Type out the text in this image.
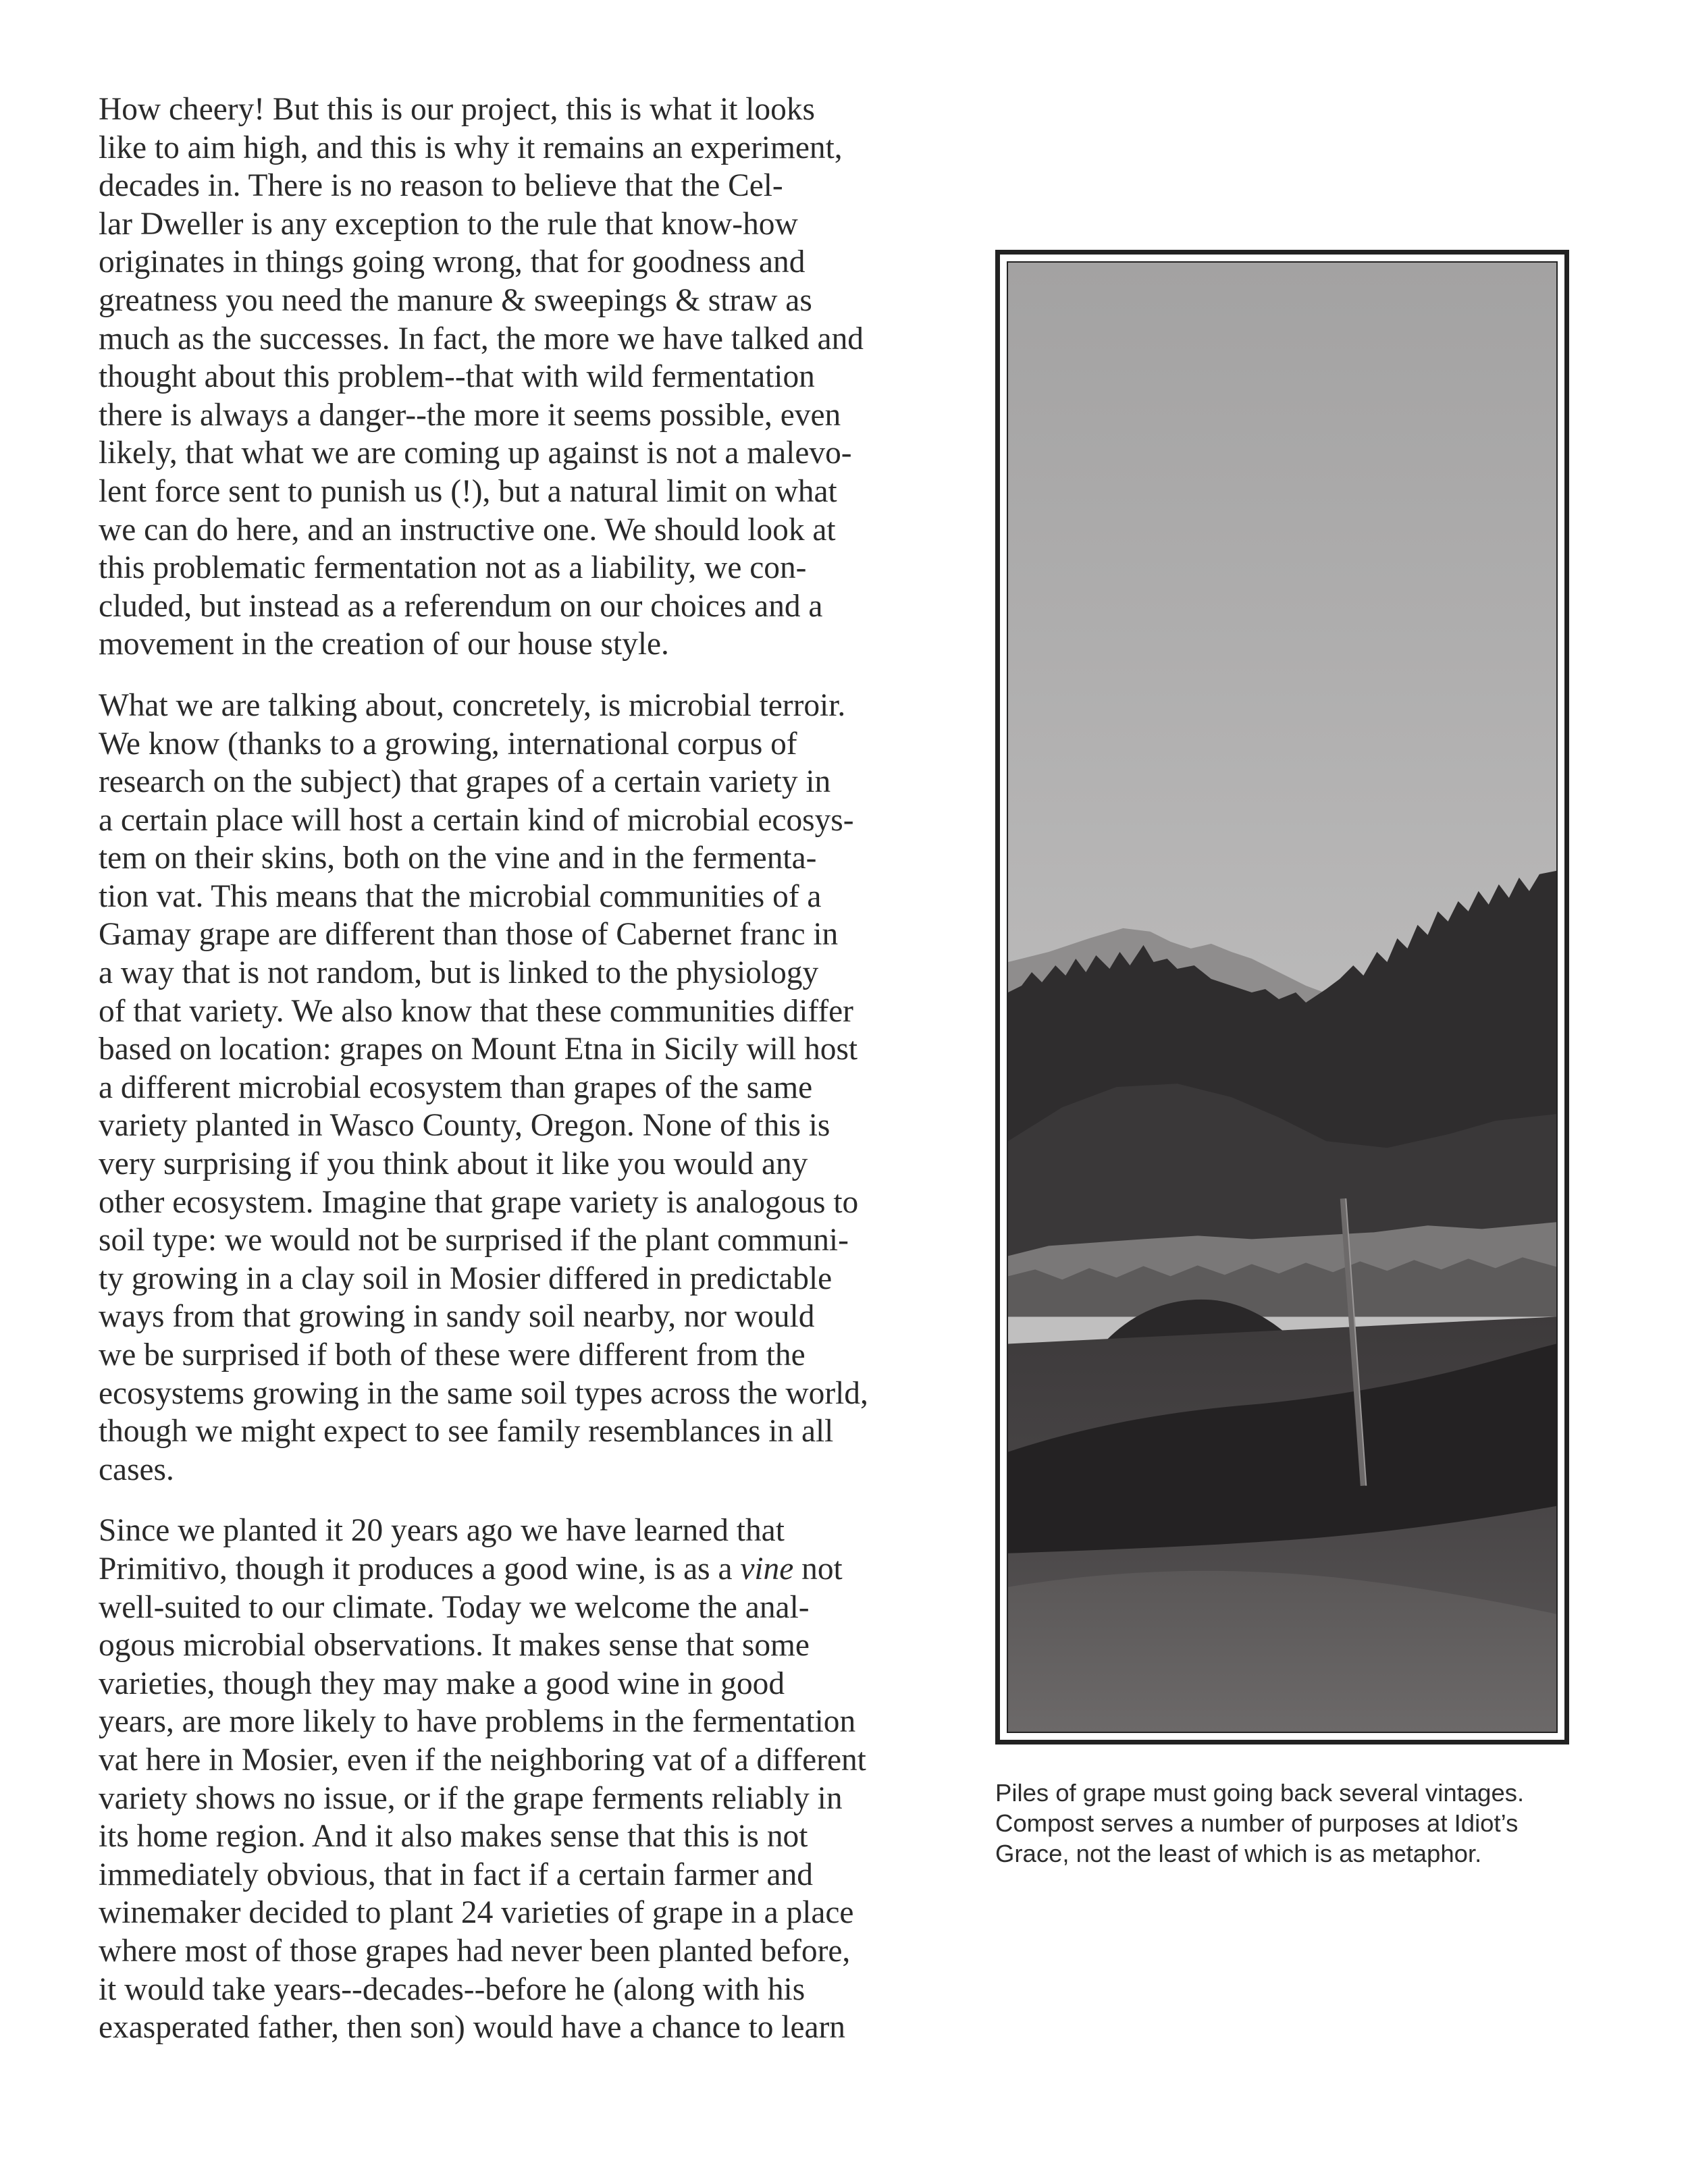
How cheery! But this is our project, this is what it looks
like to aim high, and this is why it remains an experiment,
decades in. There is no reason to believe that the Cel-
lar Dweller is any exception to the rule that know-how
originates in things going wrong, that for goodness and
greatness you need the manure & sweepings & straw as
much as the successes. In fact, the more we have talked and
thought about this problem--that with wild fermentation
there is always a danger--the more it seems possible, even
likely, that what we are coming up against is not a malevo-
lent force sent to punish us (!), but a natural limit on what
we can do here, and an instructive one. We should look at
this problematic fermentation not as a liability, we con-
cluded, but instead as a referendum on our choices and a
movement in the creation of our house style.

What we are talking about, concretely, is microbial terroir.
We know (thanks to a growing, international corpus of
research on the subject) that grapes of a certain variety in
a certain place will host a certain kind of microbial ecosys-
tem on their skins, both on the vine and in the fermenta-
tion vat. This means that the microbial communities of a
Gamay grape are different than those of Cabernet franc in
a way that is not random, but is linked to the physiology
of that variety. We also know that these communities differ
based on location: grapes on Mount Etna in Sicily will host
a different microbial ecosystem than grapes of the same
variety planted in Wasco County, Oregon. None of this is
very surprising if you think about it like you would any
other ecosystem. Imagine that grape variety is analogous to
soil type: we would not be surprised if the plant communi-
ty growing in a clay soil in Mosier differed in predictable
ways from that growing in sandy soil nearby, nor would
we be surprised if both of these were different from the
ecosystems growing in the same soil types across the world,
though we might expect to see family resemblances in all
cases.

Since we planted it 20 years ago we have learned that
Primitivo, though it produces a good wine, is as a vine not
well-suited to our climate. Today we welcome the anal-
ogous microbial observations. It makes sense that some
varieties, though they may make a good wine in good
years, are more likely to have problems in the fermentation
vat here in Mosier, even if the neighboring vat of a different
variety shows no issue, or if the grape ferments reliably in
its home region. And it also makes sense that this is not
immediately obvious, that in fact if a certain farmer and
winemaker decided to plant 24 varieties of grape in a place
where most of those grapes had never been planted before,
it would take years--decades--before he (along with his
exasperated father, then son) would have a chance to learn

Piles of grape must going back several vintages.
Compost serves a number of purposes at Idiot’s
Grace, not the least of which is as metaphor.
